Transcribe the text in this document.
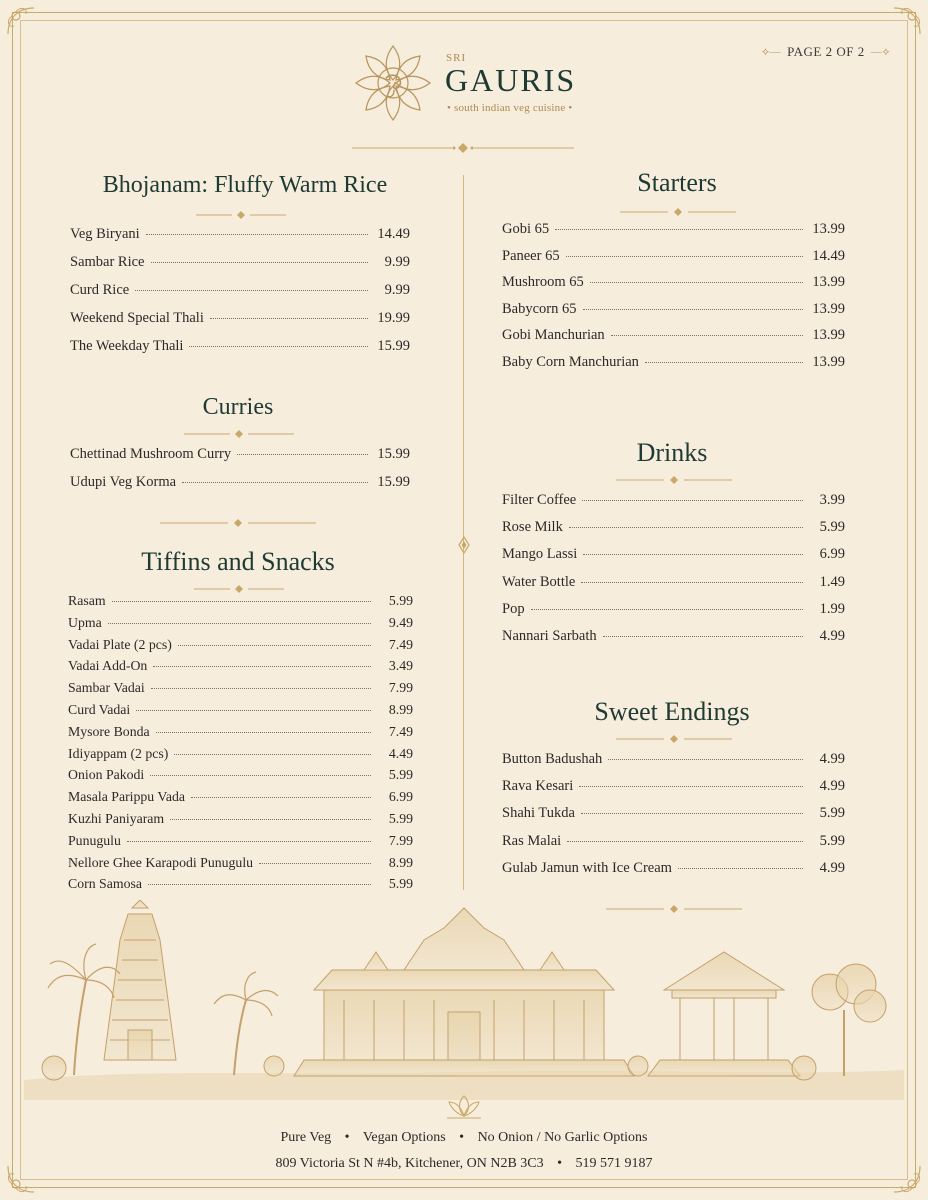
⟡— PAGE 2 OF 2 —⟡
SRI
GAURIS
• south indian veg cuisine •
Bhojanam: Fluffy Warm Rice
Veg Biryani	14.49
Sambar Rice	9.99
Curd Rice	9.99
Weekend Special Thali	19.99
The Weekday Thali	15.99
Curries
Chettinad Mushroom Curry	15.99
Udupi Veg Korma	15.99
Tiffins and Snacks
Rasam	5.99
Upma	9.49
Vadai Plate (2 pcs)	7.49
Vadai Add-On	3.49
Sambar Vadai	7.99
Curd Vadai	8.99
Mysore Bonda	7.49
Idiyappam (2 pcs)	4.49
Onion Pakodi	5.99
Masala Parippu Vada	6.99
Kuzhi Paniyaram	5.99
Punugulu	7.99
Nellore Ghee Karapodi Punugulu	8.99
Corn Samosa	5.99
Starters
Gobi 65	13.99
Paneer 65	14.49
Mushroom 65	13.99
Babycorn 65	13.99
Gobi Manchurian	13.99
Baby Corn Manchurian	13.99
Drinks
Filter Coffee	3.99
Rose Milk	5.99
Mango Lassi	6.99
Water Bottle	1.49
Pop	1.99
Nannari Sarbath	4.99
Sweet Endings
Button Badushah	4.99
Rava Kesari	4.99
Shahi Tukda	5.99
Ras Malai	5.99
Gulab Jamun with Ice Cream	4.99
Pure Veg • Vegan Options • No Onion / No Garlic Options
809 Victoria St N #4b, Kitchener, ON N2B 3C3 • 519 571 9187
